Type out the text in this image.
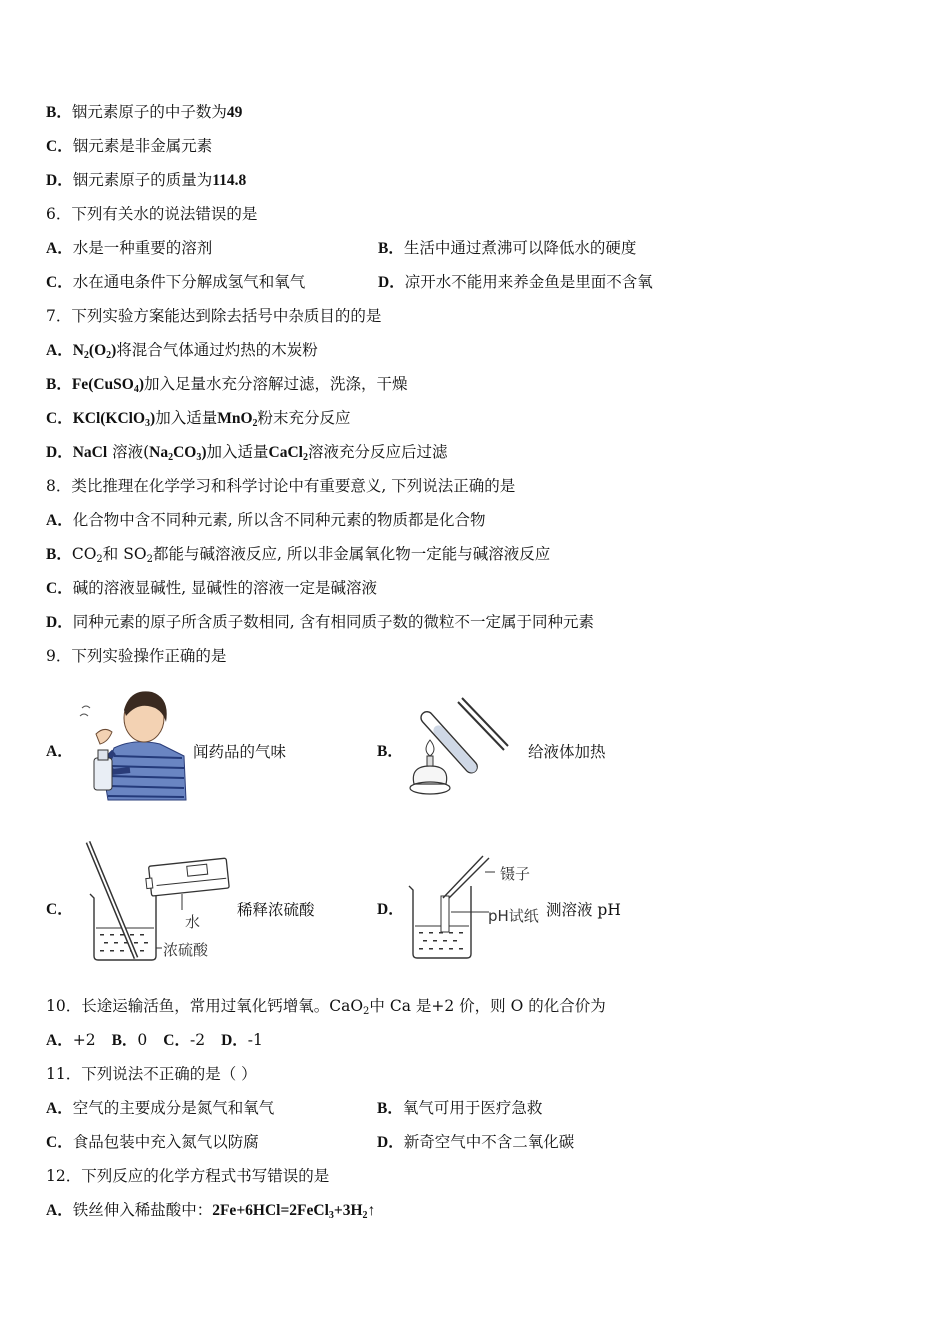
B．铟元素原子的中子数为49
C．铟元素是非金属元素
D．铟元素原子的质量为114.8
6．下列有关水的说法错误的是
A．水是一种重要的溶剂	B．生活中通过煮沸可以降低水的硬度
C．水在通电条件下分解成氢气和氧气	D．凉开水不能用来养金鱼是里面不含氧
7．下列实验方案能达到除去括号中杂质目的的是
A．$N_2(O_2)$将混合气体通过灼热的木炭粉
B．Fe(CuSO$_4$)加入足量水充分溶解过滤，洗涤，干燥
C．KCl(KClO$_3$)加入适量MnO$_2$粉末充分反应
D．NaCl 溶液$(Na_2CO_3)$加入适量CaCl$_2$溶液充分反应后过滤
8．类比推理在化学学习和科学讨论中有重要意义, 下列说法正确的是
A．化合物中含不同种元素, 所以含不同种元素的物质都是化合物
B．$CO_2$和 $SO_2$都能与碱溶液反应, 所以非金属氧化物一定能与碱溶液反应
C．碱的溶液显碱性, 显碱性的溶液一定是碱溶液
D．同种元素的原子所含质子数相同, 含有相同质子数的微粒不一定属于同种元素
9．下列实验操作正确的是
A．	闻药品的气味	B．	给液体加热
C．
水
浓硫酸
稀释浓硫酸	D．
镊子
pH试纸 测溶液 pH
10．长途运输活鱼，常用过氧化钙增氧。CaO$_2$中 Ca 是+2 价，则 O 的化合价为
A．+2 B．0 C．-2 D．-1
11．下列说法不正确的是（ ）
A．空气的主要成分是氮气和氧气	B．氧气可用于医疗急救
C．食品包装中充入氮气以防腐	D．新奇空气中不含二氧化碳
12．下列反应的化学方程式书写错误的是
A．铁丝伸入稀盐酸中：$2Fe+6HCl=2FeCl_3+3H_2↑$
